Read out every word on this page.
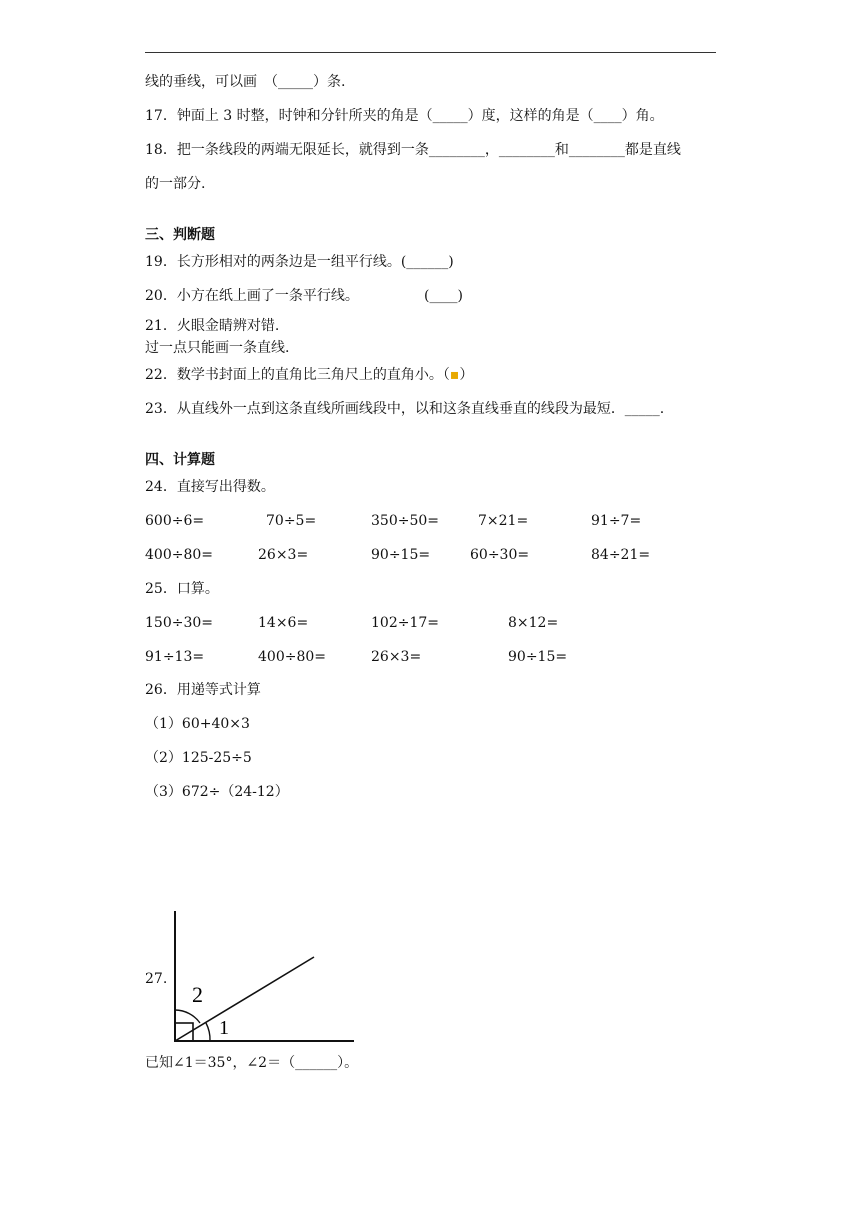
线的垂线，可以画　（_____）条.
17．钟面上 3 时整，时钟和分针所夹的角是（_____）度，这样的角是（____）角。
18．把一条线段的两端无限延长，就得到一条________，________和________都是直线
的一部分.
三、判断题
19．长方形相对的两条边是一组平行线。(______)
20．小方在纸上画了一条平行线。	(____)
21．火眼金睛辨对错.
过一点只能画一条直线.
22．数学书封面上的直角比三角尺上的直角小。（▪）
23．从直线外一点到这条直线所画线段中，以和这条直线垂直的线段为最短．_____.
四、计算题
24．直接写出得数。
600÷6=	70÷5=	350÷50=	7×21=	91÷7=
400÷80=	26×3=	90÷15=	60÷30=	84÷21=
25．口算。
150÷30=	14×6=	102÷17=	8×12=
91÷13=	400÷80=	26×3=	90÷15=
26．用递等式计算
（1）60+40×3
（2）125-25÷5
（3）672÷（24-12）
27.
2
1
已知∠1＝35°，∠2＝（______）。
